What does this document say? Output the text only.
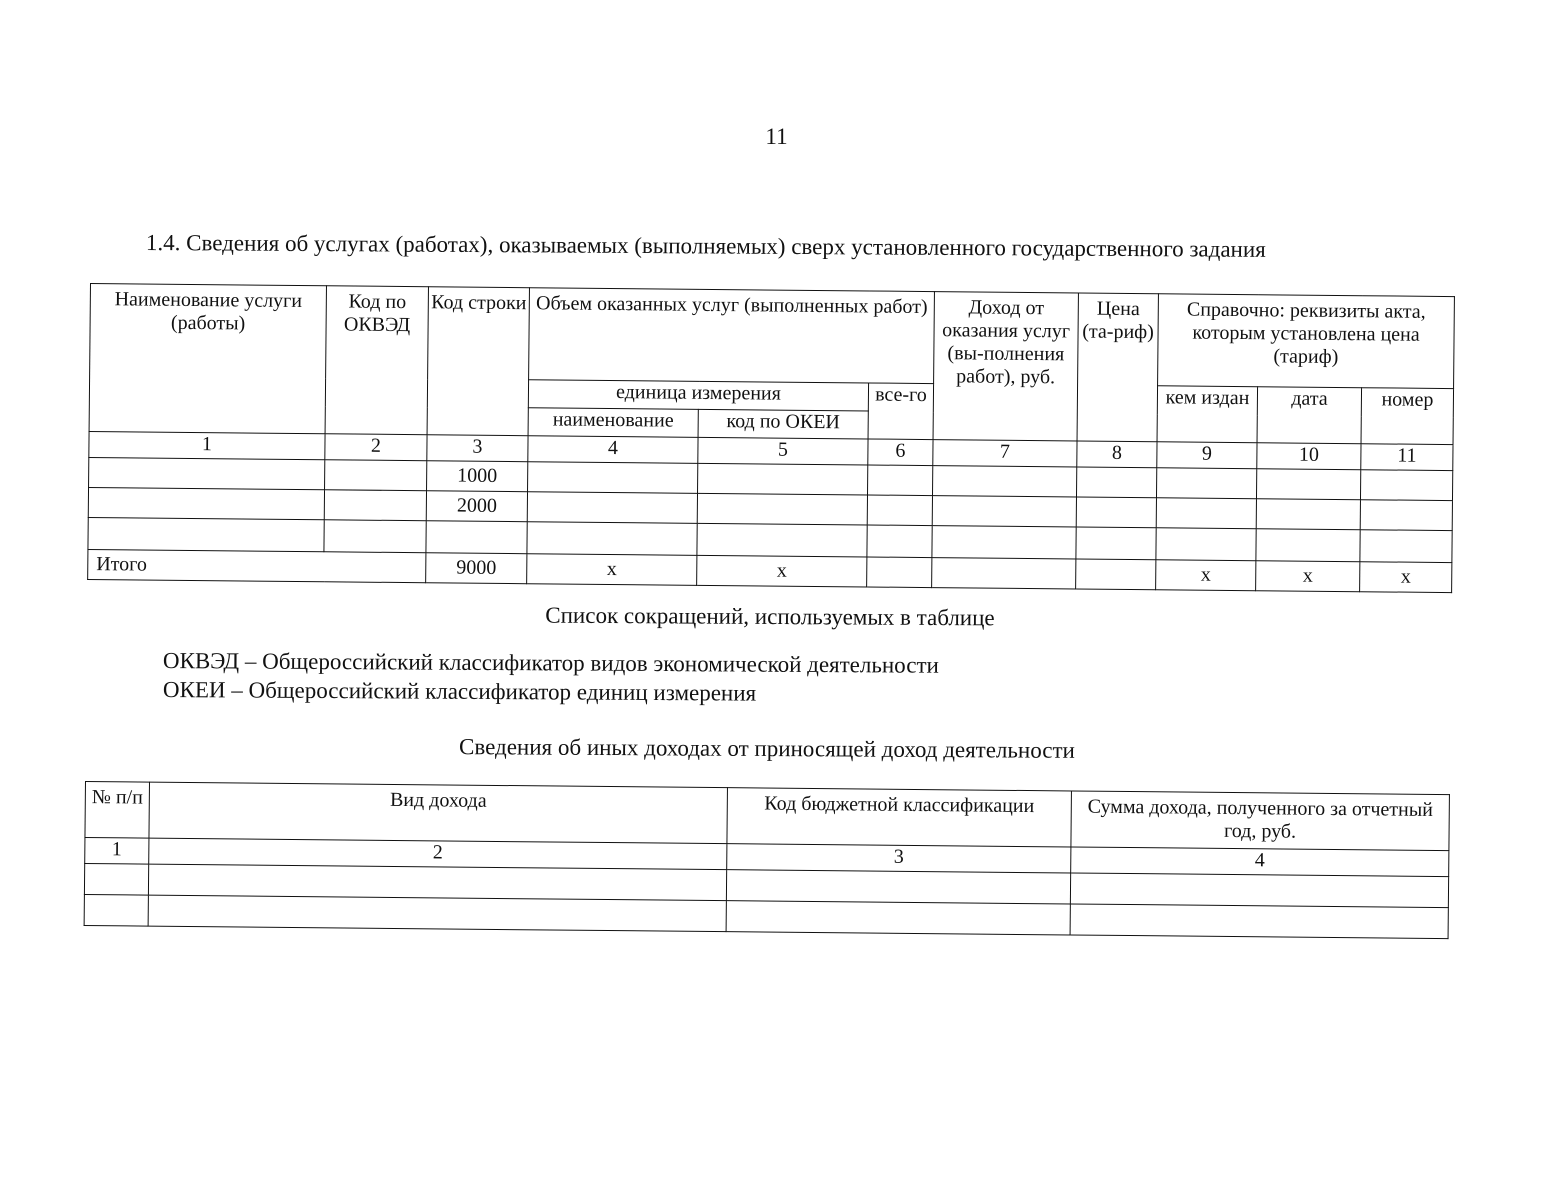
11
1.4. Сведения об услугах (работах), оказываемых (выполняемых) сверх установленного государственного задания
Наименование услуги (работы)	Код по ОКВЭД	Код строки	Объем оказанных услуг (выполненных работ)			Доход от оказания услуг (вы-полнения работ), руб.	Цена (та-риф)	Справочно: реквизиты акта, которым установлена цена (тариф)		
			единица измерения		все-го			кем издан	дата	номер
			наименование	код по ОКЕИ						
1	2	3	4	5	6	7	8	9	10	11
		1000								
		2000								

Итого		9000	x	x				x	x	x
Список сокращений, используемых в таблице
ОКВЭД – Общероссийский классификатор видов экономической деятельности
ОКЕИ – Общероссийский классификатор единиц измерения
Сведения об иных доходах от приносящей доход деятельности
№ п/п	Вид дохода	Код бюджетной классификации	Сумма дохода, полученного за отчетный год, руб.
1	2	3	4
